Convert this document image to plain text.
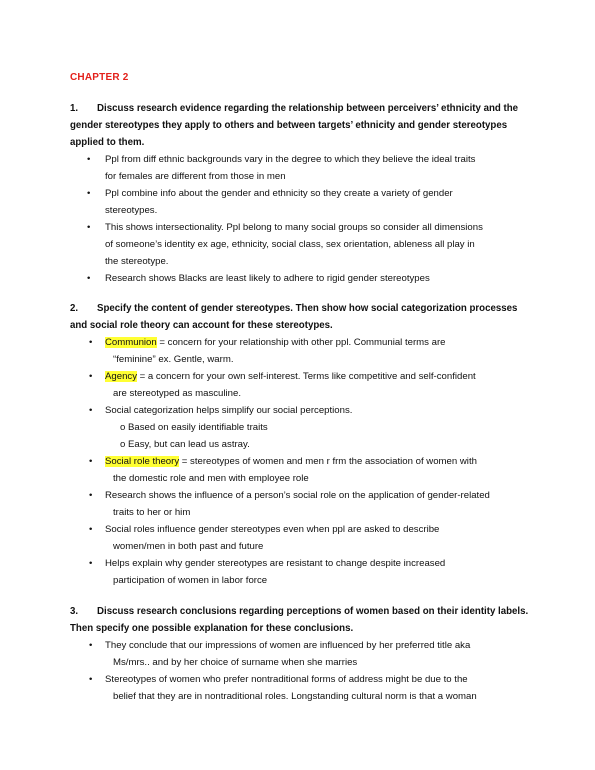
CHAPTER 2
1. Discuss research evidence regarding the relationship between perceivers’ ethnicity and the gender stereotypes they apply to others and between targets’ ethnicity and gender stereotypes applied to them.
• Ppl from diff ethnic backgrounds vary in the degree to which they believe the ideal traits
for females are different from those in men
• Ppl combine info about the gender and ethnicity so they create a variety of gender
stereotypes.
• This shows intersectionality. Ppl belong to many social groups so consider all dimensions
of someone’s identity ex age, ethnicity, social class, sex orientation, ableness all play in
the stereotype.
• Research shows Blacks are least likely to adhere to rigid gender stereotypes
2. Specify the content of gender stereotypes. Then show how social categorization processes and social role theory can account for these stereotypes.
• Communion = concern for your relationship with other ppl. Communial terms are
“feminine” ex. Gentle, warm.
• Agency = a concern for your own self-interest. Terms like competitive and self-confident
are stereotyped as masculine.
• Social categorization helps simplify our social perceptions.
o Based on easily identifiable traits
o Easy, but can lead us astray.
• Social role theory = stereotypes of women and men r frm the association of women with
the domestic role and men with employee role
• Research shows the influence of a person’s social role on the application of gender-related
traits to her or him
• Social roles influence gender stereotypes even when ppl are asked to describe
women/men in both past and future
• Helps explain why gender stereotypes are resistant to change despite increased
participation of women in labor force
3. Discuss research conclusions regarding perceptions of women based on their identity labels. Then specify one possible explanation for these conclusions.
• They conclude that our impressions of women are influenced by her preferred title aka
Ms/mrs.. and by her choice of surname when she marries
• Stereotypes of women who prefer nontraditional forms of address might be due to the
belief that they are in nontraditional roles. Longstanding cultural norm is that a woman
